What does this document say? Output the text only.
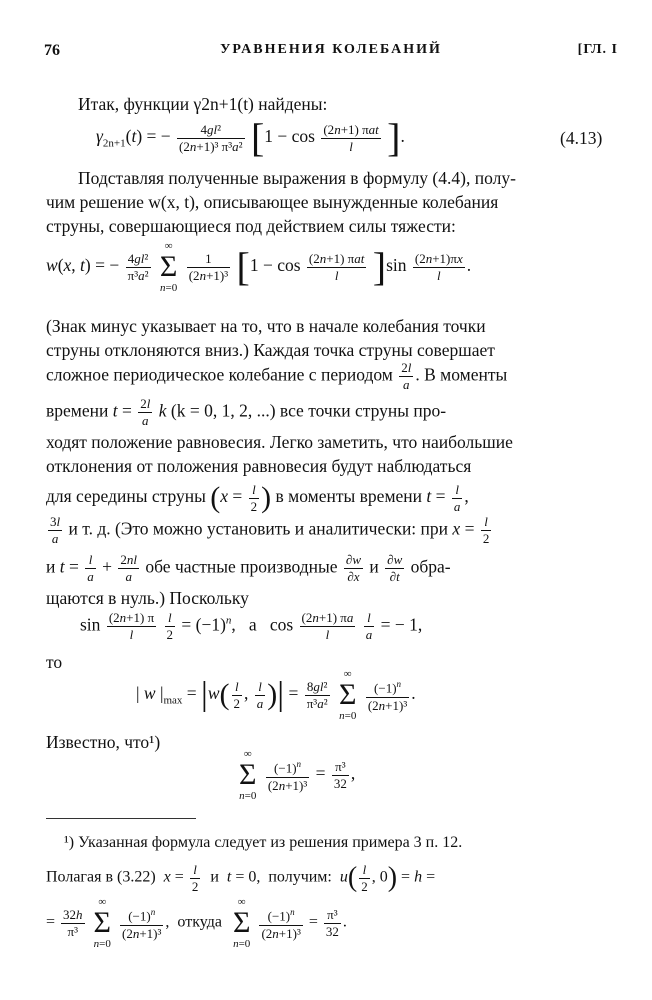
76	УРАВНЕНИЯ КОЛЕБАНИЙ	[ГЛ. I
Итак, функции γ2n+1(t) найдены:
$\gamma_{2n+1}(t)$ = − $\frac{\text{4gl²}}{\text{(2n+1)³ π³a²}} [1 - \cos \frac{\text{(2n+1) πat}}{l}$ ].	(4.13)
Подставляя полученные выражения в формулу (4.4), полу-
чим решение w(x, t), описывающее вынужденные колебания
струны, совершающиеся под действием силы тяжести:
w(x, t) = − $\frac{\text{4gl²}}{\text{π³a²}}$

∞
Σ
n=0

$\frac{1}{\text{(2n+1)³}} [1 - \cos \frac{\text{(2n+1) πat}}{l} ]\sin \frac{(2n+1)\pi x}{l}$ .
(Знак минус указывает на то, что в начале колебания точки
струны отклоняются вниз.) Каждая точка струны совершает
сложное периодическое колебание с периодом $\frac{2l}{a}$ . В моменты
времени $t = \frac{2l}{a}$ k (k = 0, 1, 2, ...) все точки струны про-
ходят положение равновесия. Легко заметить, что наибольшие
отклонения от положения равновесия будут наблюдаться
для середины струны ($x = \frac{l}{2}$ ) в моменты времени $t = \frac{l}{a}$ ,
$\frac{3l}{a}$ и т. д. (Это можно установить и аналитически: при $x = \frac{l}{2}$
и $t = \frac{l}{a} + \frac{2nl}{a}$ обе частные производные $\frac{\partial w}{\partial x}$ и $\frac{\partial w}{\partial t}$ обра-
щаются в нуль.) Поскольку
$\sin \frac{(2n+1) \pi}{l}$
$\frac{l}{2} = (-1)^n$,   а   $\cos \frac{(2n+1) \pi a}{l}$
$\frac{l}{a}$ = − 1,
то
| w $|_{max} = |w( \frac{l}{2}$ , $\frac{l}{a}$ )| = $\frac{\text{8gl²}}{\text{π³a²}}$

∞
Σ
n=0

$\frac{(-1)^n}{\text{(2n+1)³}}$ .
Известно, что¹)
∞
Σ
n=0

$\frac{(-1)^n}{\text{(2n+1)³}} = \frac{\text{π³}}{32}$ ,
¹) Указанная формула следует из решения примера 3 п. 12.
Полагая в (3.22) $x = \frac{l}{2}$ и t = 0,  получим: $u( \frac{l}{2}$ , 0) = h =
= $\frac{32h}{\text{π³}}$

∞
Σ
n=0

$\frac{(-1)^n}{\text{(2n+1)³}}$ ,  откуда
∞
Σ
n=0

$\frac{(-1)^n}{\text{(2n+1)³}} = \frac{\text{π³}}{32}$ .
